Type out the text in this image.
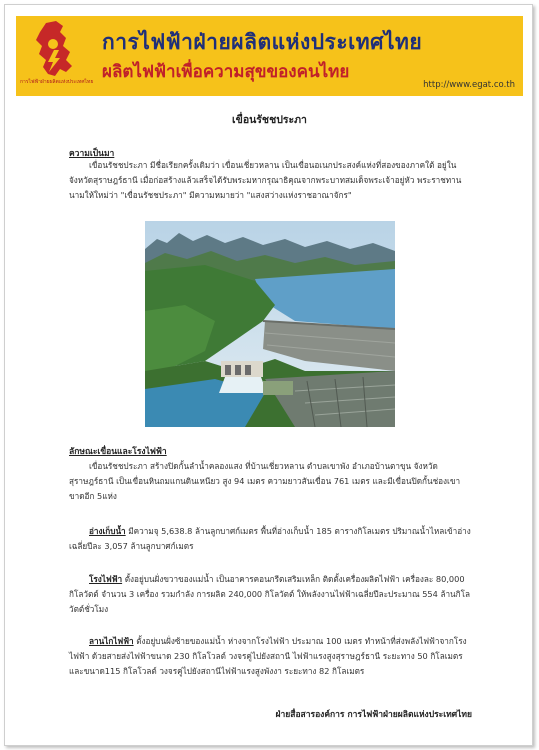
การไฟฟ้าฝ่ายผลิตแห่งประเทศไทย
การไฟฟ้าฝ่ายผลิตแห่งประเทศไทย
ผลิตไฟฟ้าเพื่อความสุขของคนไทย
http://www.egat.co.th
เขื่อนรัชชประภา
ความเป็นมา
เขื่อนรัชชประภา มีชื่อเรียกครั้งเดิมว่า เขื่อนเชี่ยวหลาน เป็นเขื่อนอเนกประสงค์แห่งที่สองของภาคใต้ อยู่ในจังหวัดสุราษฎร์ธานี เมื่อก่อสร้างแล้วเสร็จได้รับพระมหากรุณาธิคุณจากพระบาทสมเด็จพระเจ้าอยู่หัว พระราชทานนามให้ใหม่ว่า "เขื่อนรัชชประภา" มีความหมายว่า "แสงสว่างแห่งราชอาณาจักร"
ลักษณะเขื่อนและโรงไฟฟ้า
เขื่อนรัชชประภา สร้างปิดกั้นลำน้ำคลองแสง ที่บ้านเชี่ยวหลาน ตำบลเขาพัง อำเภอบ้านตาขุน จังหวัดสุราษฎร์ธานี เป็นเขื่อนหินถมแกนดินเหนียว สูง 94 เมตร ความยาวสันเขื่อน 761 เมตร และมีเขื่อนปิดกั้นช่องเขาขาดอีก 5แห่ง
อ่างเก็บน้ำ มีความจุ 5,638.8 ล้านลูกบาศก์เมตร พื้นที่อ่างเก็บน้ำ 185 ตารางกิโลเมตร ปริมาณน้ำไหลเข้าอ่างเฉลี่ยปีละ 3,057 ล้านลูกบาศก์เมตร
โรงไฟฟ้า ตั้งอยู่บนฝั่งขวาของแม่น้ำ เป็นอาคารคอนกรีตเสริมเหล็ก ติดตั้งเครื่องผลิตไฟฟ้า เครื่องละ 80,000 กิโลวัตต์ จำนวน 3 เครื่อง รวมกำลัง การผลิต 240,000 กิโลวัตต์ ให้พลังงานไฟฟ้าเฉลี่ยปีละประมาณ 554 ล้านกิโลวัตต์ชั่วโมง
ลานไกไฟฟ้า ตั้งอยู่บนฝั่งซ้ายของแม่น้ำ ห่างจากโรงไฟฟ้า ประมาณ 100 เมตร ทำหน้าที่ส่งพลังไฟฟ้าจากโรงไฟฟ้า ด้วยสายส่งไฟฟ้าขนาด 230 กิโลโวลต์ วงจรคู่ไปยังสถานี ไฟฟ้าแรงสูงสุราษฎร์ธานี ระยะทาง 50 กิโลเมตร และขนาด115 กิโลโวลต์ วงจรคู่ไปยังสถานีไฟฟ้าแรงสูงพังงา ระยะทาง 82 กิโลเมตร
ฝ่ายสื่อสารองค์การ การไฟฟ้าฝ่ายผลิตแห่งประเทศไทย
